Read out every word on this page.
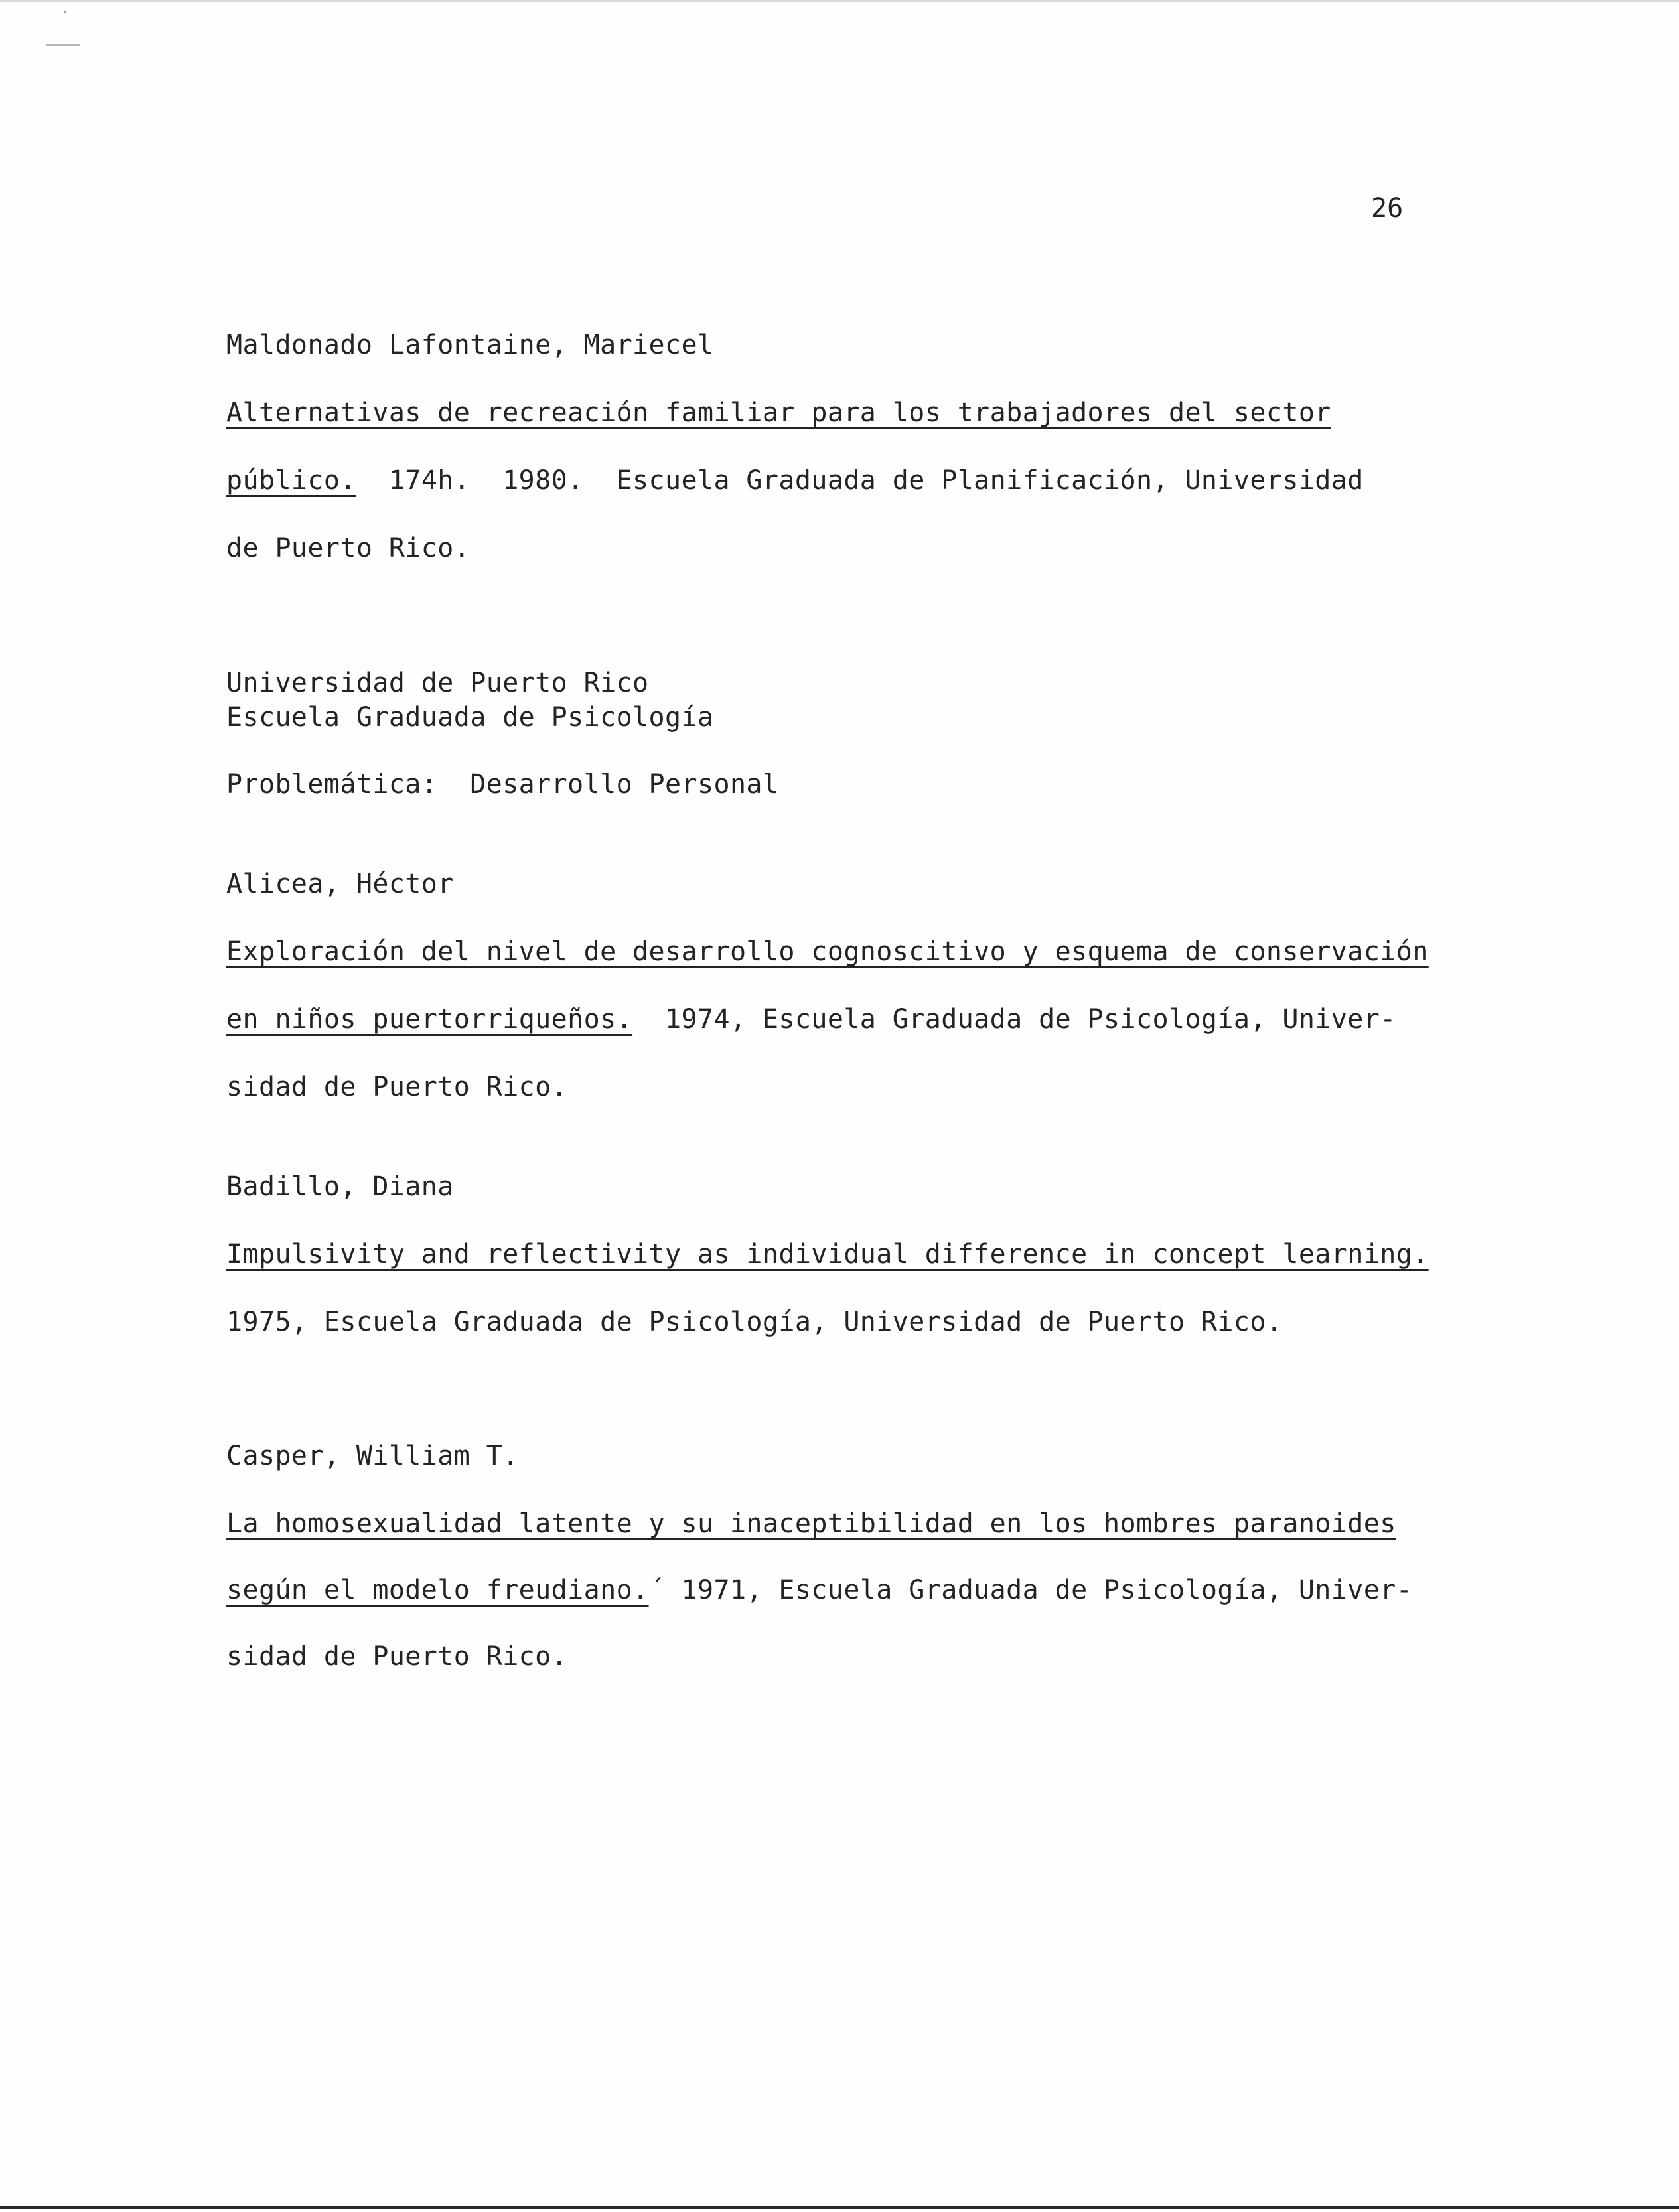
26
Maldonado Lafontaine, Mariecel
Alternativas de recreación familiar para los trabajadores del sector
público.  174h.  1980.  Escuela Graduada de Planificación, Universidad
de Puerto Rico.
Universidad de Puerto Rico
Escuela Graduada de Psicología
Problemática:  Desarrollo Personal
Alicea, Héctor
Exploración del nivel de desarrollo cognoscitivo y esquema de conservación
en niños puertorriqueños.  1974, Escuela Graduada de Psicología, Univer-
sidad de Puerto Rico.
Badillo, Diana
Impulsivity and reflectivity as individual difference in concept learning.
1975, Escuela Graduada de Psicología, Universidad de Puerto Rico.
Casper, William T.
La homosexualidad latente y su inaceptibilidad en los hombres paranoides
según el modelo freudiano.´ 1971, Escuela Graduada de Psicología, Univer-
sidad de Puerto Rico.
